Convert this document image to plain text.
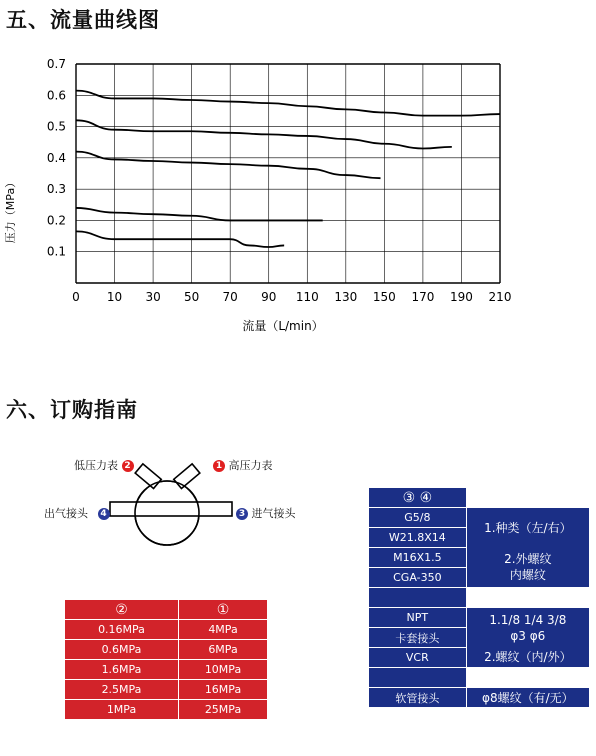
五、流量曲线图
0 10 30 50 70 90 110 130 150 170 190 210
0.1
0.2
0.3
0.4
0.5
0.6
0.7
流量（L/min）
压力（MPa）
六、订购指南
低压力表 2	1 高压力表
出气接头 4	3 进气接头
②	①
0.16MPa	4MPa
0.6MPa	6MPa
1.6MPa	10MPa
2.5MPa	16MPa
1MPa	25MPa
③ ④	
G5/8	1.种类（左/右）
W21.8X14	
M16X1.5	2.外螺纹
内螺纹
CGA-350	

NPT	1.1/8 1/4 3/8
φ3 φ6
卡套接头	
VCR	2.螺纹（内/外）

软管接头	φ8螺纹（有/无）
